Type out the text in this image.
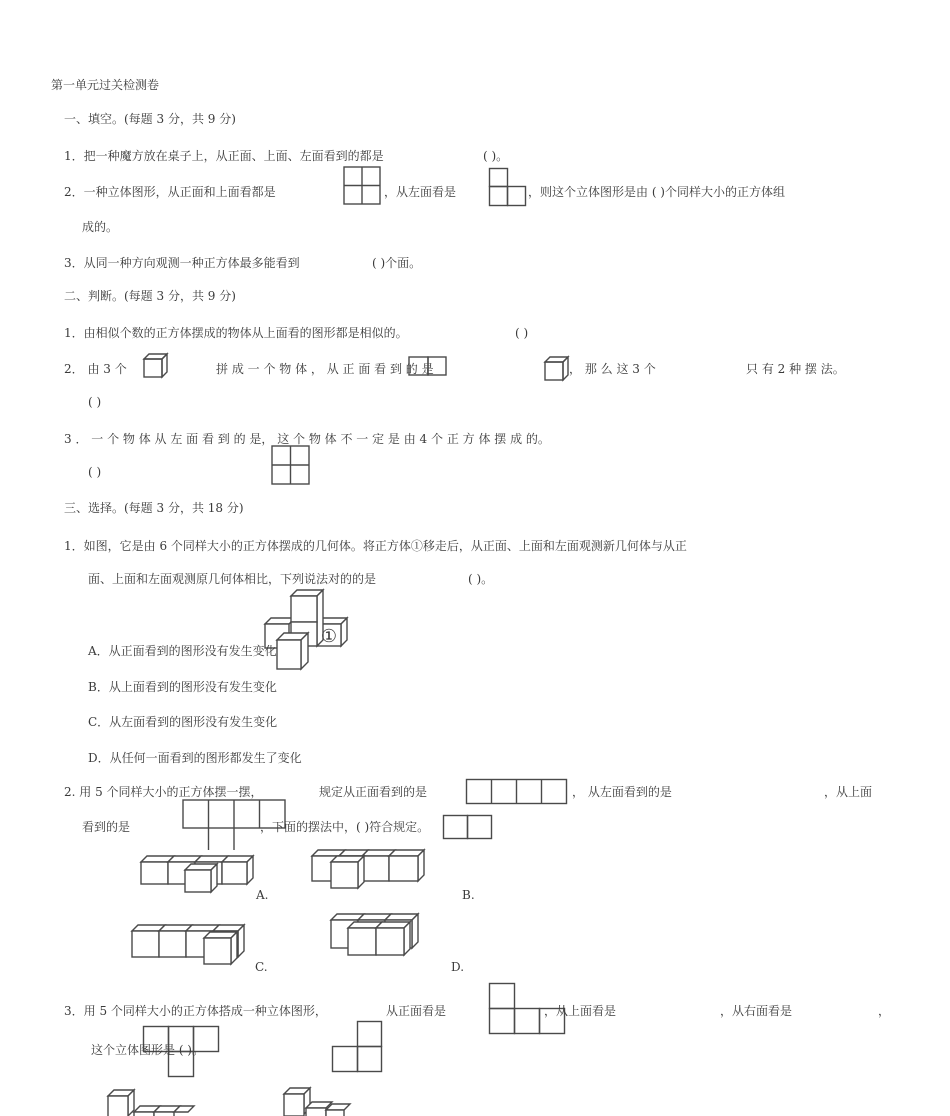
第一单元过关检测卷
一、填空。(每题 3 分，共 9 分)
1．把一种魔方放在桌子上，从正面、上面、左面看到的都是	( )。
2．一种立体图形，从正面和上面看都是	，从左面看是	，则这个立体图形是由 ( )个同样大小的正方体组
成的。
3．从同一种方向观测一种正方体最多能看到	( )个面。
二、判断。(每题 3 分，共 9 分)
1．由相似个数的正方体摆成的物体从上面看的图形都是相似的。	( )
2． 由 3 个	拼 成 一 个 物 体 ， 从 正 面 看 到 的 是	， 那 么 这 3 个	只 有 2 种 摆 法。
( )
3 ． 一 个 物 体 从 左 面 看 到 的 是， 这 个 物 体 不 一 定 是 由 4 个 正 方 体 摆 成 的。
( )
三、选择。(每题 3 分，共 18 分)
1．如图，它是由 6 个同样大小的正方体摆成的几何体。将正方体①移走后，从正面、上面和左面观测新几何体与从正
面、上面和左面观测原几何体相比，下列说法对的的是	( )。
①
A．从正面看到的图形没有发生变化
B．从上面看到的图形没有发生变化
C．从左面看到的图形没有发生变化
D．从任何一面看到的图形都发生了变化
2. 用 5 个同样大小的正方体摆一摆，	规定从正面看到的是	， 从左面看到的是	，从上面
看到的是	，下面的摆法中，( )符合规定。
A.	B.
C.	D.
3．用 5 个同样大小的正方体搭成一种立体图形，	从正面看是	，从上面看是	，从右面看是	，
这个立体图形是 ( )。
